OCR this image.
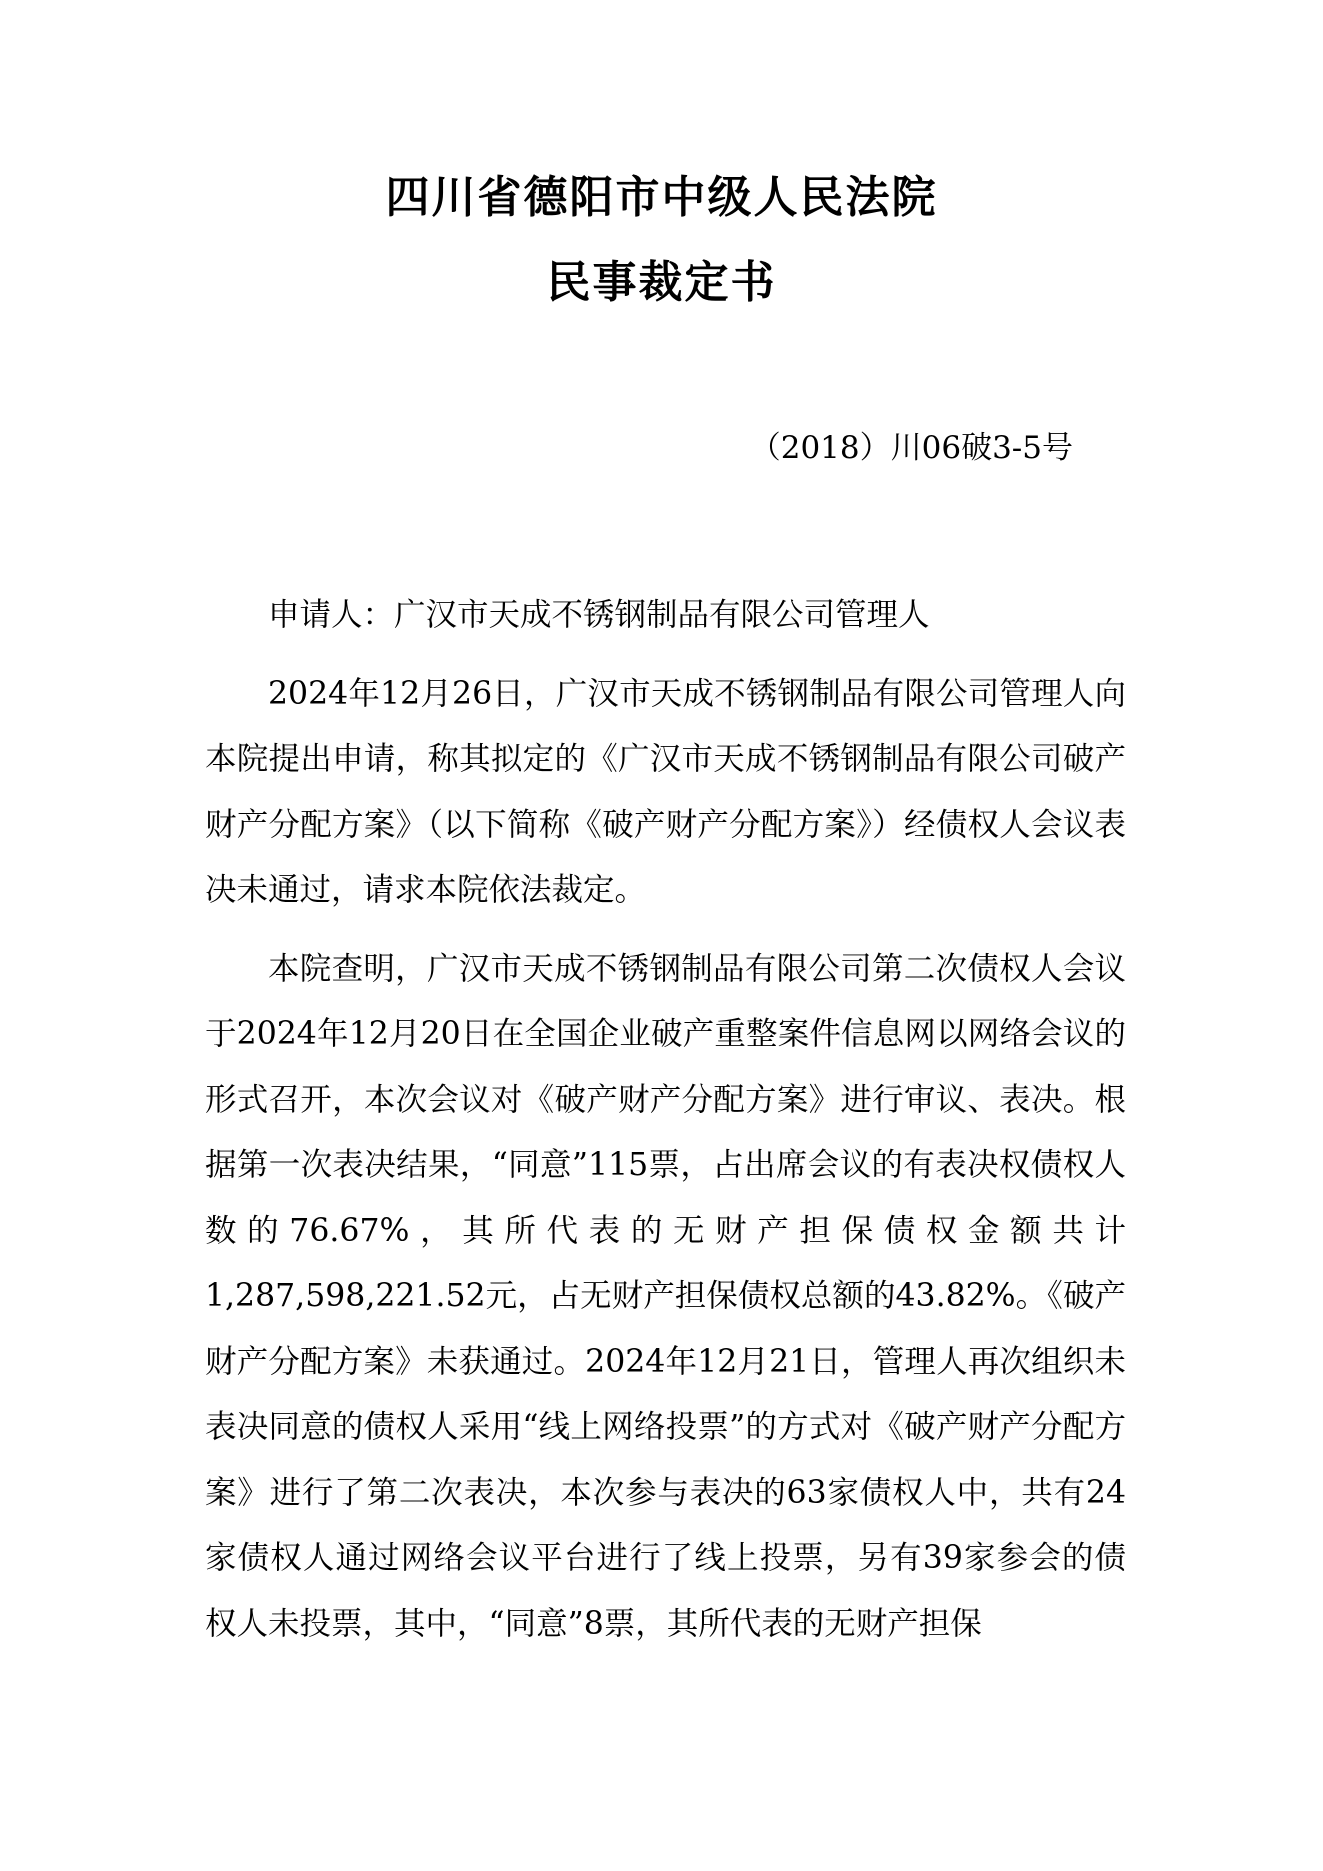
四川省德阳市中级人民法院
民事裁定书
（2018）川06破3-5号

申请人：广汉市天成不锈钢制品有限公司管理人

2024年12月26日，广汉市天成不锈钢制品有限公司管理人向本院提出申请，称其拟定的《广汉市天成不锈钢制品有限公司破产财产分配方案》（以下简称《破产财产分配方案》）经债权人会议表决未通过，请求本院依法裁定。

本院查明，广汉市天成不锈钢制品有限公司第二次债权人会议于2024年12月20日在全国企业破产重整案件信息网以网络会议的形式召开，本次会议对《破产财产分配方案》进行审议、表决。根据第一次表决结果，“同意”115票，占出席会议的有表决权债权人数的76.67%，其所代表的无财产担保债权金额共计1,287,598,221.52元，占无财产担保债权总额的43.82%。《破产财产分配方案》未获通过。2024年12月21日，管理人再次组织未表决同意的债权人采用“线上网络投票”的方式对《破产财产分配方案》进行了第二次表决，本次参与表决的63家债权人中，共有24家债权人通过网络会议平台进行了线上投票，另有39家参会的债权人未投票，其中，“同意”8票，其所代表的无财产担保
